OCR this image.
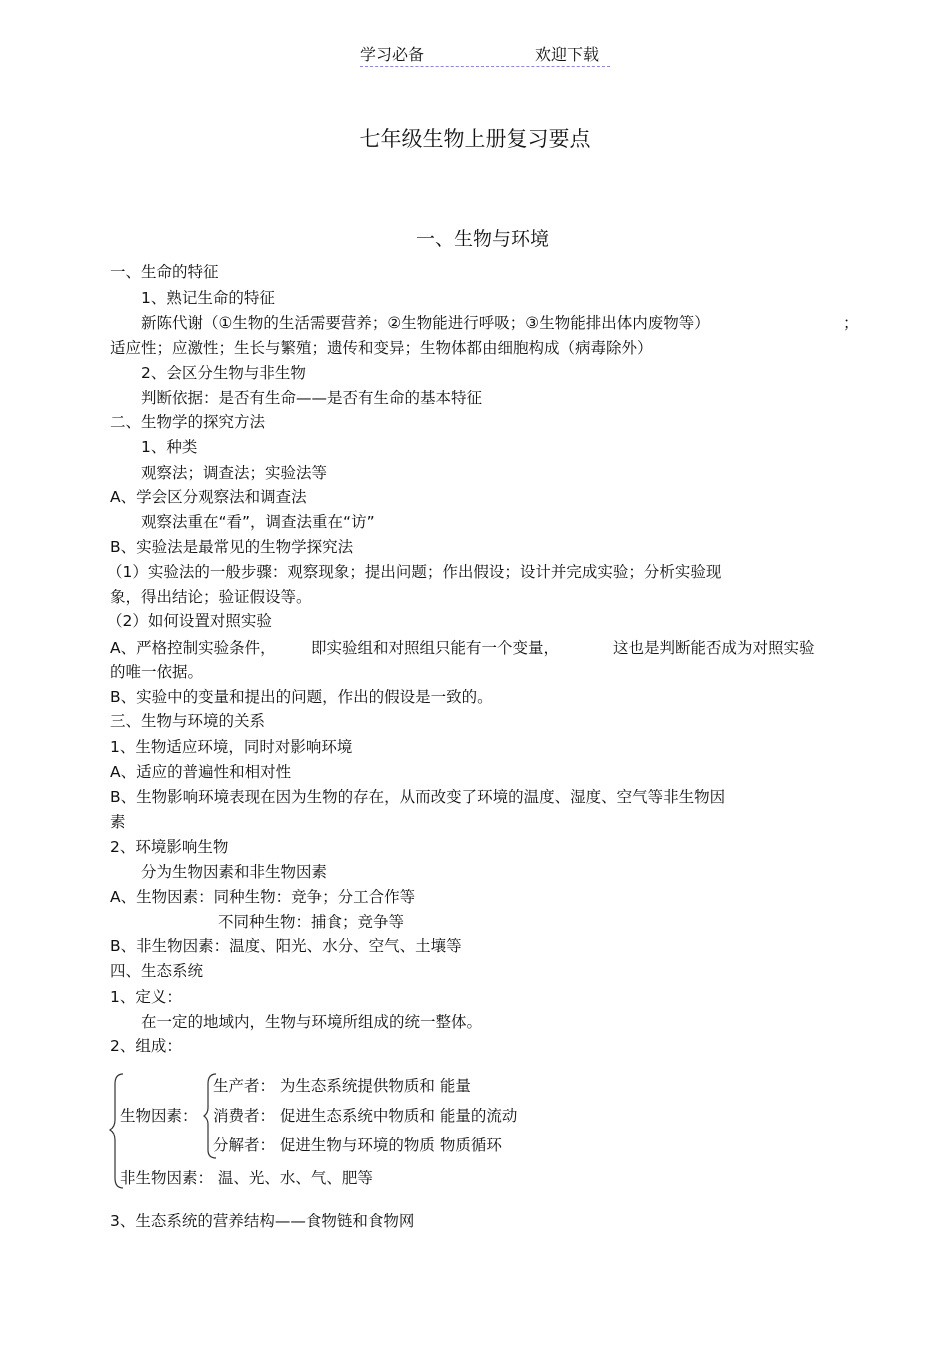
学习必备	欢迎下载
七年级生物上册复习要点
一、生物与环境
一、生命的特征
1、熟记生命的特征
新陈代谢（①生物的生活需要营养；②生物能进行呼吸；③生物能排出体内废物等）	；
适应性；应激性；生长与繁殖；遗传和变异；生物体都由细胞构成（病毒除外）
2、会区分生物与非生物
判断依据：是否有生命——是否有生命的基本特征
二、生物学的探究方法
1、种类
观察法；调查法；实验法等
A、学会区分观察法和调查法
观察法重在“看”，调查法重在“访”
B、实验法是最常见的生物学探究法
（1）实验法的一般步骤：观察现象；提出问题；作出假设；设计并完成实验；分析实验现
象，得出结论；验证假设等。
（2）如何设置对照实验
A、严格控制实验条件， 即实验组和对照组只能有一个变量，	这也是判断能否成为对照实验
的唯一依据。
B、实验中的变量和提出的问题，作出的假设是一致的。
三、生物与环境的关系
1、生物适应环境，同时对影响环境
A、适应的普遍性和相对性
B、生物影响环境表现在因为生物的存在，从而改变了环境的温度、湿度、空气等非生物因
素
2、环境影响生物
分为生物因素和非生物因素
A、生物因素：同种生物：竞争；分工合作等
不同种生物：捕食；竞争等
B、非生物因素：温度、阳光、水分、空气、土壤等
四、生态系统
1、定义：
在一定的地域内，生物与环境所组成的统一整体。
2、组成：
生物因素：
生产者： 为生态系统提供物质和 能量
消费者： 促进生态系统中物质和 能量的流动
分解者： 促进生物与环境的物质 物质循环
非生物因素： 温、光、水、气、肥等
3、生态系统的营养结构——食物链和食物网
